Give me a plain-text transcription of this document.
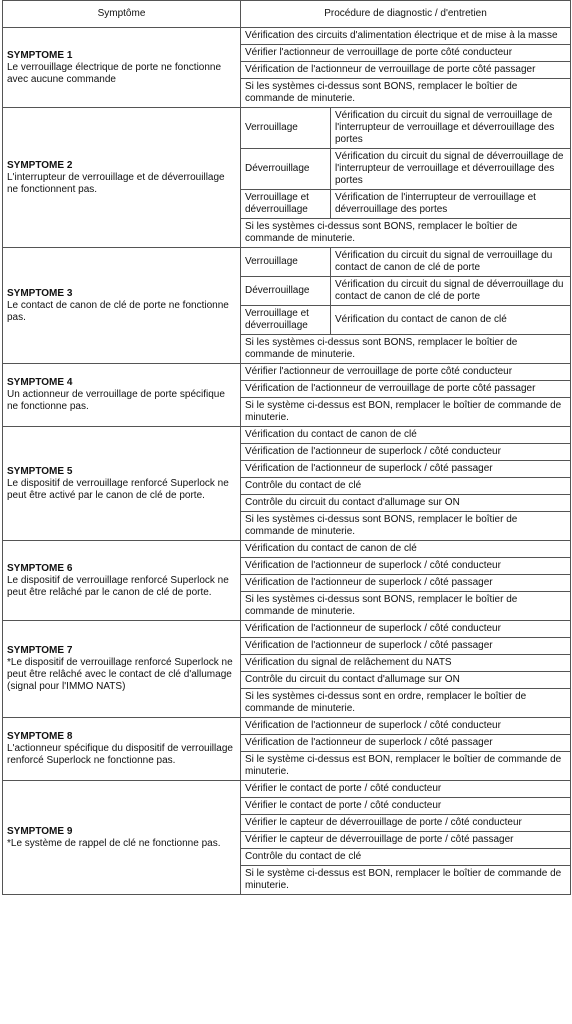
Symptôme	Procédure de diagnostic / d'entretien	

SYMPTOME 1
Le verrouillage électrique de porte ne fonctionne avec aucune commande	Vérification des circuits d'alimentation électrique et de mise à la masse	
	Vérifier l'actionneur de verrouillage de porte côté conducteur	
	Vérification de l'actionneur de verrouillage de porte côté passager	
	Si les systèmes ci-dessus sont BONS, remplacer le boîtier de commande de minuterie.	

SYMPTOME 2
L'interrupteur de verrouillage et de déverrouillage ne fonctionnent pas.	Verrouillage	Vérification du circuit du signal de verrouillage de l'interrupteur de verrouillage et déverrouillage des portes
	Déverrouillage	Vérification du circuit du signal de déverrouillage de l'interrupteur de verrouillage et déverrouillage des portes
	Verrouillage et déverrouillage	Vérification de l'interrupteur de verrouillage et déverrouillage des portes
	Si les systèmes ci-dessus sont BONS, remplacer le boîtier de commande de minuterie.	

SYMPTOME 3
Le contact de canon de clé de porte ne fonctionne pas.	Verrouillage	Vérification du circuit du signal de verrouillage du contact de canon de clé de porte
	Déverrouillage	Vérification du circuit du signal de déverrouillage du contact de canon de clé de porte
	Verrouillage et déverrouillage	Vérification du contact de canon de clé
	Si les systèmes ci-dessus sont BONS, remplacer le boîtier de commande de minuterie.	

SYMPTOME 4
Un actionneur de verrouillage de porte spécifique ne fonctionne pas.	Vérifier l'actionneur de verrouillage de porte côté conducteur	
	Vérification de l'actionneur de verrouillage de porte côté passager	
	Si le système ci-dessus est BON, remplacer le boîtier de commande de minuterie.	

SYMPTOME 5
Le dispositif de verrouillage renforcé Superlock ne peut être activé par le canon de clé de porte.	Vérification du contact de canon de clé	
	Vérification de l'actionneur de superlock / côté conducteur	
	Vérification de l'actionneur de superlock / côté passager	
	Contrôle du contact de clé	
	Contrôle du circuit du contact d'allumage sur ON	
	Si les systèmes ci-dessus sont BONS, remplacer le boîtier de commande de minuterie.	

SYMPTOME 6
Le dispositif de verrouillage renforcé Superlock ne peut être relâché par le canon de clé de porte.	Vérification du contact de canon de clé	
	Vérification de l'actionneur de superlock / côté conducteur	
	Vérification de l'actionneur de superlock / côté passager	
	Si les systèmes ci-dessus sont BONS, remplacer le boîtier de commande de minuterie.	

SYMPTOME 7
*Le dispositif de verrouillage renforcé Superlock ne peut être relâché avec le contact de clé d'allumage (signal pour l'IMMO NATS)	Vérification de l'actionneur de superlock / côté conducteur	
	Vérification de l'actionneur de superlock / côté passager	
	Vérification du signal de relâchement du NATS	
	Contrôle du circuit du contact d'allumage sur ON	
	Si les systèmes ci-dessus sont en ordre, remplacer le boîtier de commande de minuterie.	

SYMPTOME 8
L'actionneur spécifique du dispositif de verrouillage renforcé Superlock ne fonctionne pas.	Vérification de l'actionneur de superlock / côté conducteur	
	Vérification de l'actionneur de superlock / côté passager	
	Si le système ci-dessus est BON, remplacer le boîtier de commande de minuterie.	

SYMPTOME 9
*Le système de rappel de clé ne fonctionne pas.	Vérifier le contact de porte / côté conducteur	
	Vérifier le contact de porte / côté conducteur	
	Vérifier le capteur de déverrouillage de porte / côté conducteur	
	Vérifier le capteur de déverrouillage de porte / côté passager	
	Contrôle du contact de clé	
	Si le système ci-dessus est BON, remplacer le boîtier de commande de minuterie.	
